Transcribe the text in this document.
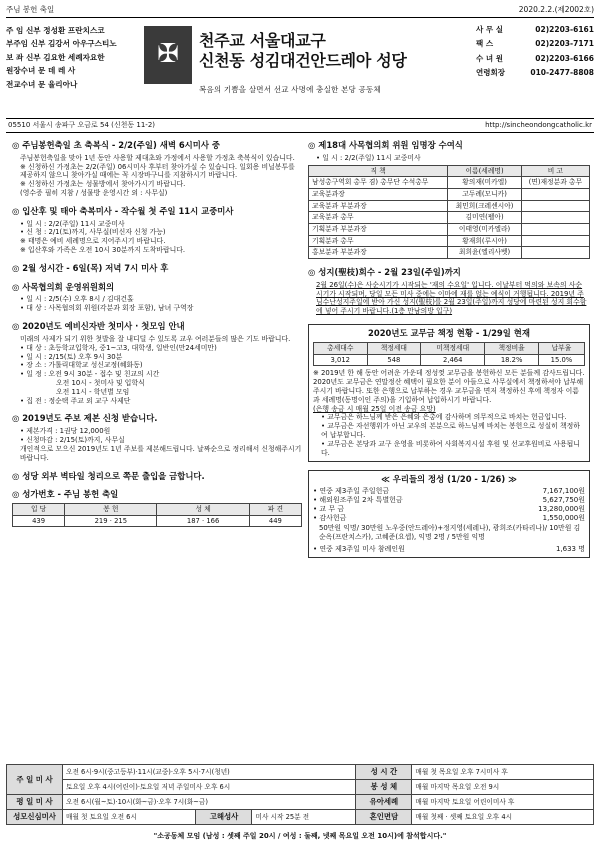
주님 봉헌 축일	2020.2.2.(제2002호)
주 임 신부 정성환 프란치스코
부주임 신부 김강서 아우구스티노
보 좌 신부 김요한 세례자요한
원장수녀 문 데 레 사
전교수녀 문 율리아나
✠	천주교 서울대교구
신천동 성김대건안드레아 성당
복음의 기쁨을 살면서 선교 사명에 충실한 본당 공동체
사 무 실	02)2203-6161
팩 스	02)2203-7171
수 녀 원	02)2203-6166
연령회장	010-2477-8808
05510 서울시 송파구 오금로 54 (신천동 11-2)	http://sincheondongcatholic.kr
◎ 주님봉헌축일 초 축복식 - 2/2(주일) 새벽 6시미사 중
주님봉헌축일을 맞아 1년 동안 사용할 제대초와 가정에서 사용할 가정초 축복식이 있습니다.
※ 신청하신 가정초는 2/2(주일) 06시미사 후부터 찾아가실 수 있습니다. 일회용 비닐봉투를 제공하지 않으니 찾아가실 때에는 꼭 시장바구니를 지참하시기 바랍니다.
※ 신청하신 가정초는 성물방에서 찾아가시기 바랍니다.
(영수증 필히 지참 / 성물방 운영시간 외 : 사무실)
◎ 입산후 및 태아 축복미사 - 작수월 첫 주일 11시 교중미사
• 일 시 : 2/2(주일) 11시 교중미사
• 신 청 : 2/1(토)까지, 사무실(비신자 신청 가능)
※ 태명은 예비 세례명으로 지어주시기 바랍니다.
※ 입산후와 가족은 오전 10시 30분까지 도착바랍니다.
◎ 2월 성시간 - 6일(목) 저녁 7시 미사 후
◎ 사목협의회 운영위원회의
• 일 시 : 2/5(수) 오후 8시 / 김대건홀
• 대 상 : 사목협의회 위원(각분과 회장 포함), 남녀 구역장
◎ 2020년도 예비신자반 첫미사 · 첫모임 안내
미래의 사제가 되기 위한 첫발을 잘 내디딜 수 있도록 교우 여러분들의 많은 기도 바랍니다.
• 대 상 : 초등학교입학자, 중1~고3, 대학생, 일반인(만24세미만)
• 일 시 : 2/15(토) 오후 9시 30분
• 장 소 : 가톨릭대학교 성신교정(혜화동)
• 일 정 : 오전 9시 30분 - 접수 및 친교의 시간
오전 10시 - 첫미사 및 입학식
오전 11시 - 학년별 모임
• 집 전 : 정순택 주교 외 교구 사제단
◎ 2019년도 주보 제본 신청 받습니다.
• 제본가격 : 1권당 12,000원
• 신청마감 : 2/15(토)까지, 사무실
개인적으로 모으신 2019년도 1년 주보를 제본해드립니다. 날짜순으로 정리해서 신청해주시기 바랍니다.
◎ 성당 외부 벽타일 청리으로 쪽문 출입을 금합니다.
◎ 성가번호 - 주님 봉헌 축일
입 당	봉 헌	성 체	파 견
439	219 · 215	187 · 166	449
◎ 제18대 사목협의회 위원 임명장 수여식
• 일 시 : 2/2(주일) 11시 교중미사
직 책	이름(세례명)	비 고
남성총구역회 총무 겸) 총무단 수석총무	황의재(미카엘)	(면)재정분과 총무
교육분과장	고두례(모니카)	
교육분과 부분과장	최민희(크레센시아)	
교육분과 총무	김미연(펠아)	
기획분과 부분과장	이태영(미카엘라)	
기획분과 총무	황재희(루시아)	
홍보분과 부분과장	최희윤(엘리사벳)	
◎ 성지(聖枝)회수 - 2월 23일(주일)까지
2월 26일(수)은 사순시기가 시작되는 '재의 수요일' 입니다. 이날부터 먹의와 보속의 사순 시기가 시작되며, 당일 모든 미사 중에는 이마에 재를 얹는 예식이 거행됩니다. 2019년 주님수난성지주일에 받아 가신 성지(聖枝)를 2월 23일(주일)까지 성당에 마련된 성지 회수함에 넣어 주시기 바랍니다.(1층 만남의방 입구)
2020년도 교무금 책정 현황 - 1/29일 현재
총세대수	책정세대	미책정세대	책정비율	납부율
3,012	548	2,464	18.2%	15.0%
※ 2019년 한 해 동안 어려운 가운데 정성껏 교무금을 봉헌하신 모든 분들께 감사드립니다. 2020년도 교무금은 연말정산 혜택이 필요한 분이 아들으로 사무실에서 책정하셔야 납부해 주시기 바랍니다. 또한 은행으로 납부하는 경우 교무금을 면저 책정하신 후에 책정자 이름과 세례명(동명이인 주의)을 기입하여 납입하시기 바랍니다.
(은행 송금 시 매월 25일 이전 송금 요망)
• 교무금은 하느님께 받은 은혜와 은총에 감사하며 의무적으로 바치는 헌금입니다.
• 교무금은 자선행위가 아닌 교우의 본분으로 하느님께 바치는 봉헌으로 성실히 책정하여 납부합니다.
• 교무금은 본당과 교구 운영을 비롯하여 사회복지시설 후원 및 선교후원비로 사용됩니다.
≪ 우리들의 정성 (1/20 - 1/26) ≫
• 연중 제3주일 주일헌금	7,167,100원
• 해외원조주일 2차 특별헌금	5,627,750원
• 교 무 금	13,280,000원
• 감사헌금	1,550,000원
50만원 익명/ 30만원 노우중(안드레아)+정지영(세레나), 광희조(카타리나)/ 10만원 김순옥(프란치스카), 고혜준(요셉), 익명 2명 / 5만원 익명
• 연중 제3주일 미사 참례인원	1,633 명
주 일 미 사	오전 6시·9시(중고등부)·11시(교중)·오후 5시·7시(청년)			성 시 간	매월 첫 목요일 오후 7시미사 후
	토요일 오후 4시(어린이)·토요일 저녁 주일미사 오후 6시			봉 성 체	매월 마지막 목요일 오전 9시
평 일 미 사	오전 6시(월~토)·10시(화~금)·오후 7시(화~금)			유아세례	매월 마지막 토요일 어린이미사 후
성모신심미사	매월 첫 토요일 오전 6시	고해성사	미사 시작 25분 전	혼인면담	매월 첫째 · 셋째 토요일 오후 4시
"소공동체 모임 (남성 : 셋째 주일 20시 / 여성 : 둘째, 넷째 목요일 오전 10시)에 참석합시다."
